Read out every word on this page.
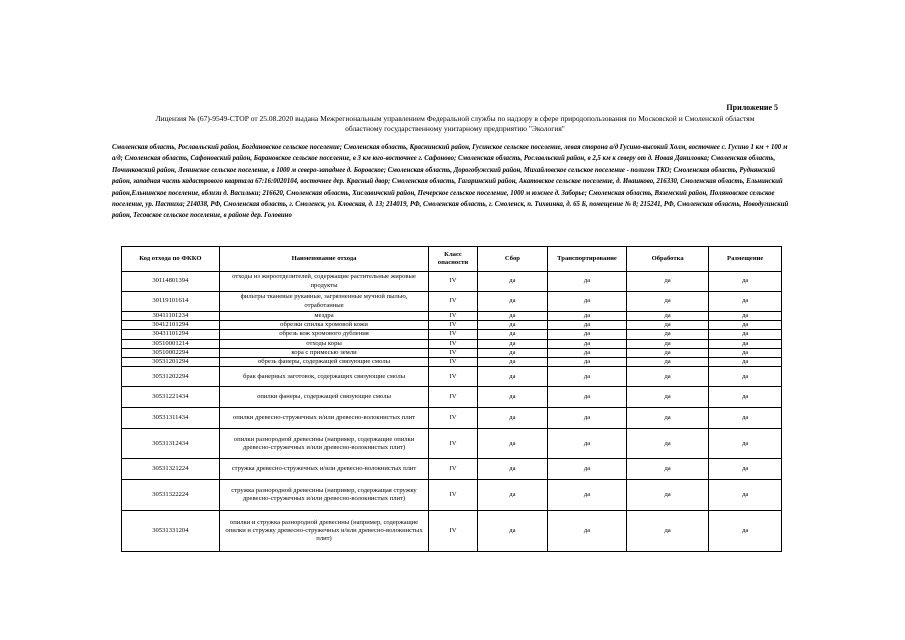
Приложение 5
Лицензия № (67)-9549-СТОР от 25.08.2020 выдана Межрегиональным управлением Федеральной службы по надзору в сфере природопользования по Московской и Смоленской областям областному государственному унитарному предприятию "Экология"
Смоленская область, Рославльский район, Богдановское сельское поселение; Смоленская область, Краснинский район, Гусинское сельское поселение, левая сторона а/д Гусино-высокий Холм, восточнее с. Гусино 1 км + 100 м а/д; Смоленская область, Сафоновский район, Барановское сельское поселение, в 3 км юго-восточнее г. Сафоново; Смоленская область, Рославльский район, в 2,5 км к северу от д. Новая Даниловка; Смоленская область, Починковский район, Ленинское сельское поселение, в 1000 м северо-западнее д. Боровское; Смоленская область, Дорогобужский район, Михайловское сельское поселение - полигон ТКО; Смоленская область, Руднянский район, западная часть кадастрового квартала 67:16:0020104, восточнее дер. Красный двор; Смоленская область, Гагаринский район, Акатовское сельское поселение, д. Ивашково, 216330, Смоленская область, Ельнинский район,Ельнинское поселение, вблизи д. Васильки; 216620, Смоленская область, Хиславичский район, Печерское сельское поселение, 1000 м южнее д. Заборье; Смоленская область, Вяземский район, Поляновское сельское поселение, ур. Пастиха; 214038, РФ, Смоленская область, г. Смоленск, ул. Кловская, д. 13; 214019, РФ, Смоленская область, г. Смоленск, п. Тихвинка, д. 65 Б, помещение № 8; 215241, РФ, Смоленская область, Новодугинский район, Тесовское сельское поселение, в районе дер. Головино
Код отхода по ФККО	Наименование отхода	Класс опасности	Сбор	Транспортирование	Обработка	Размещение
30114801394	отходы из жироотделителей, содержащие растительные жировые продукты	IV	да	да	да	да
30119101614	фильтры тканевые рукавные, загрязненные мучной пылью, отработанные	IV	да	да	да	да
30411101234	мездра	IV	да	да	да	да
30412101294	обрезки спилка хромовой кожи	IV	да	да	да	да
30431101294	обрезь кож хромового дубления	IV	да	да	да	да
30510001214	отходы коры	IV	да	да	да	да
30510002294	кора с примесью земли	IV	да	да	да	да
30531201294	обрезь фанеры, содержащей связующие смолы	IV	да	да	да	да
30531202294	брак фанерных заготовок, содержащих связующие смолы	IV	да	да	да	да
30531221434	опилки фанеры, содержащей связующие смолы	IV	да	да	да	да
30531311434	опилки древесно-стружечных и/или древесно-волокнистых плит	IV	да	да	да	да
30531312434	опилки разнородной древесины (например, содержащие опилки древесно-стружечных и/или древесно-волокнистых плит)	IV	да	да	да	да
30531321224	стружка древесно-стружечных и/или древесно-волокнистых плит	IV	да	да	да	да
30531322224	стружка разнородной древесины (например, содержащая стружку древесно-стружечных и/или древесно-волокнистых плит)	IV	да	да	да	да
30531331204	опилки и стружка разнородной древесины (например, содержащие опилки и стружку древесно-стружечных и/или древесно-волокнистых плит)	IV	да	да	да	да
